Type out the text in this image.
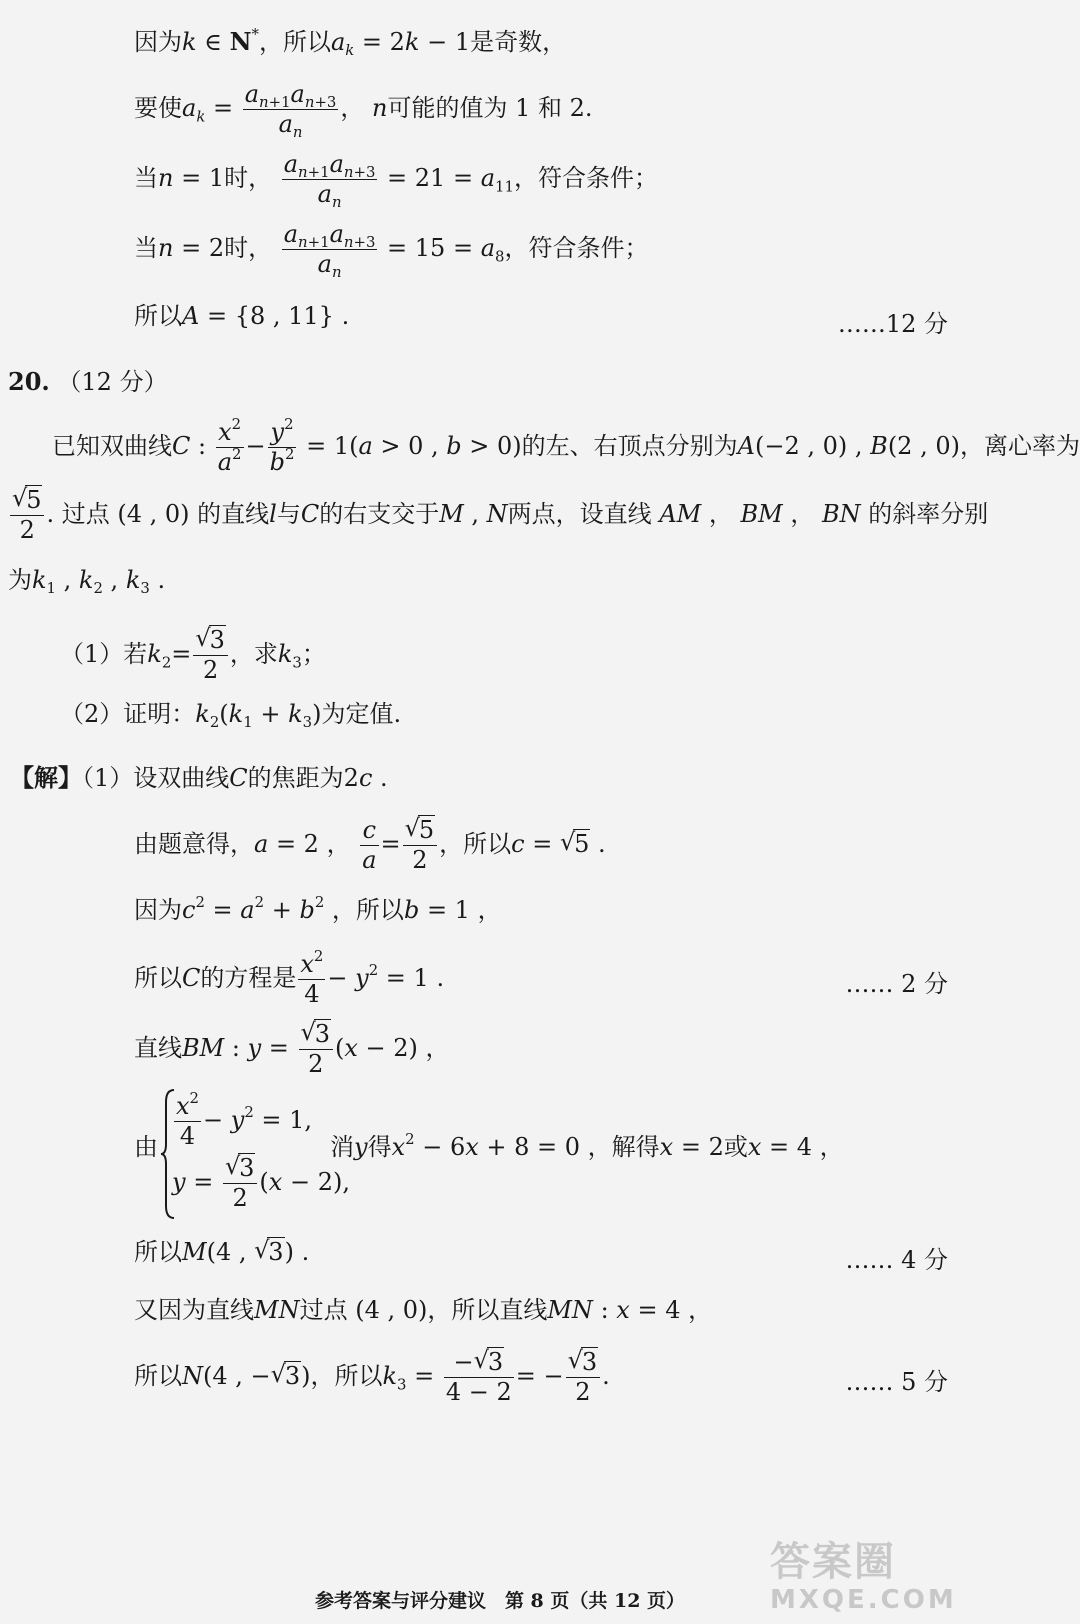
因为k ∈ N*，所以$a_k = 2k - 1$是奇数，
要使$a_k = \frac{a_{n+1}a_{n+3}}{a_n}$ ， n可能的值为 1 和 2.
当n = 1时， $\frac{a_{n+1}a_{n+3}}{a_n} = 21 = a_{11}$，符合条件；
当n = 2时， $\frac{a_{n+1}a_{n+3}}{a_n} = 15 = a_8$，符合条件；
所以A = {8 , 11} .	……12 分
20. （12 分）
已知双曲线C : $\frac{x^2}{a^2} - \frac{y^2}{b^2} = 1(a > 0$ , b > 0)的左、右顶点分别为A(−2 , 0) , B(2 , 0)，离心率为
√
5
2 . 过点 (4 , 0) 的直线l与C的右支交于M , N两点，设直线 AM ， BM ， BN 的斜率分别
为$k_1$ , $k_2$ , $k_3$ .
（1）若$k_2=$ √
3
2 ，求$k_3$；
（2）证明：$k_2(k_1 + k_3)$为定值.
【解】（1）设双曲线C的焦距为2c .
由题意得，a = 2 ， $\frac{c}{a}$ = √
5
2 ，所以c = √
5 .
因为$c^2 = a^2 + b^2$ ，所以b = 1 ，
所以C的方程是 $\frac{x^2}{4} - y^2 = 1$ .	…… 2 分
直线BM : y = √
3
2 (x − 2) ，
由 $\frac{x^2}{4} - y^2 = 1$,
y = √
3
2 (x − 2),
消y得$x^2 - 6x + 8 = 0$ ，解得x = 2或x = 4 ，
所以M(4 , √
3) .	…… 4 分
又因为直线MN过点 (4 , 0)，所以直线MN : x = 4 ，
所以N(4 , − √
3)，所以$k_3$ = − √
3
4 − 2 = − √
3
2 .	…… 5 分
参考答案与评分建议　第 8 页（共 12 页）
答案圈
MXQE.COM
